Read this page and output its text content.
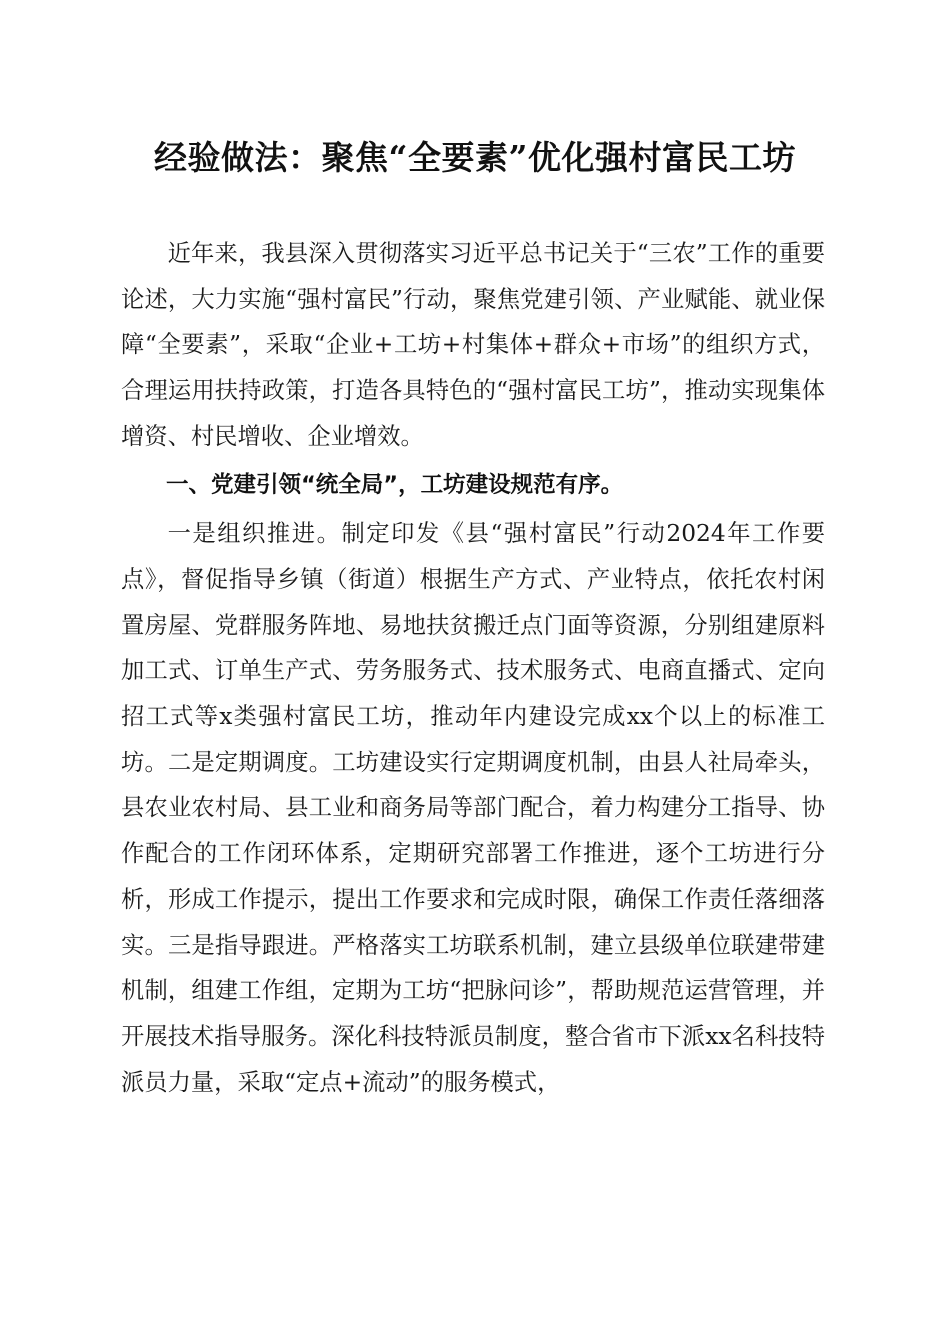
经验做法：聚焦“全要素”优化强村富民工坊

近年来，我县深入贯彻落实习近平总书记关于“三农”工作的重要论述，大力实施“强村富民”行动，聚焦党建引领、产业赋能、就业保障“全要素”，采取“企业+工坊+村集体+群众+市场”的组织方式，合理运用扶持政策，打造各具特色的“强村富民工坊”，推动实现集体增资、村民增收、企业增效。

一、党建引领“统全局”，工坊建设规范有序。

一是组织推进。制定印发《县“强村富民”行动2024年工作要点》，督促指导乡镇（街道）根据生产方式、产业特点，依托农村闲置房屋、党群服务阵地、易地扶贫搬迁点门面等资源，分别组建原料加工式、订单生产式、劳务服务式、技术服务式、电商直播式、定向招工式等x类强村富民工坊，推动年内建设完成xx个以上的标准工坊。二是定期调度。工坊建设实行定期调度机制，由县人社局牵头，县农业农村局、县工业和商务局等部门配合，着力构建分工指导、协作配合的工作闭环体系，定期研究部署工作推进，逐个工坊进行分析，形成工作提示，提出工作要求和完成时限，确保工作责任落细落实。三是指导跟进。严格落实工坊联系机制，建立县级单位联建带建机制，组建工作组，定期为工坊“把脉问诊”，帮助规范运营管理，并开展技术指导服务。深化科技特派员制度，整合省市下派xx名科技特派员力量，采取“定点+流动”的服务模式，
